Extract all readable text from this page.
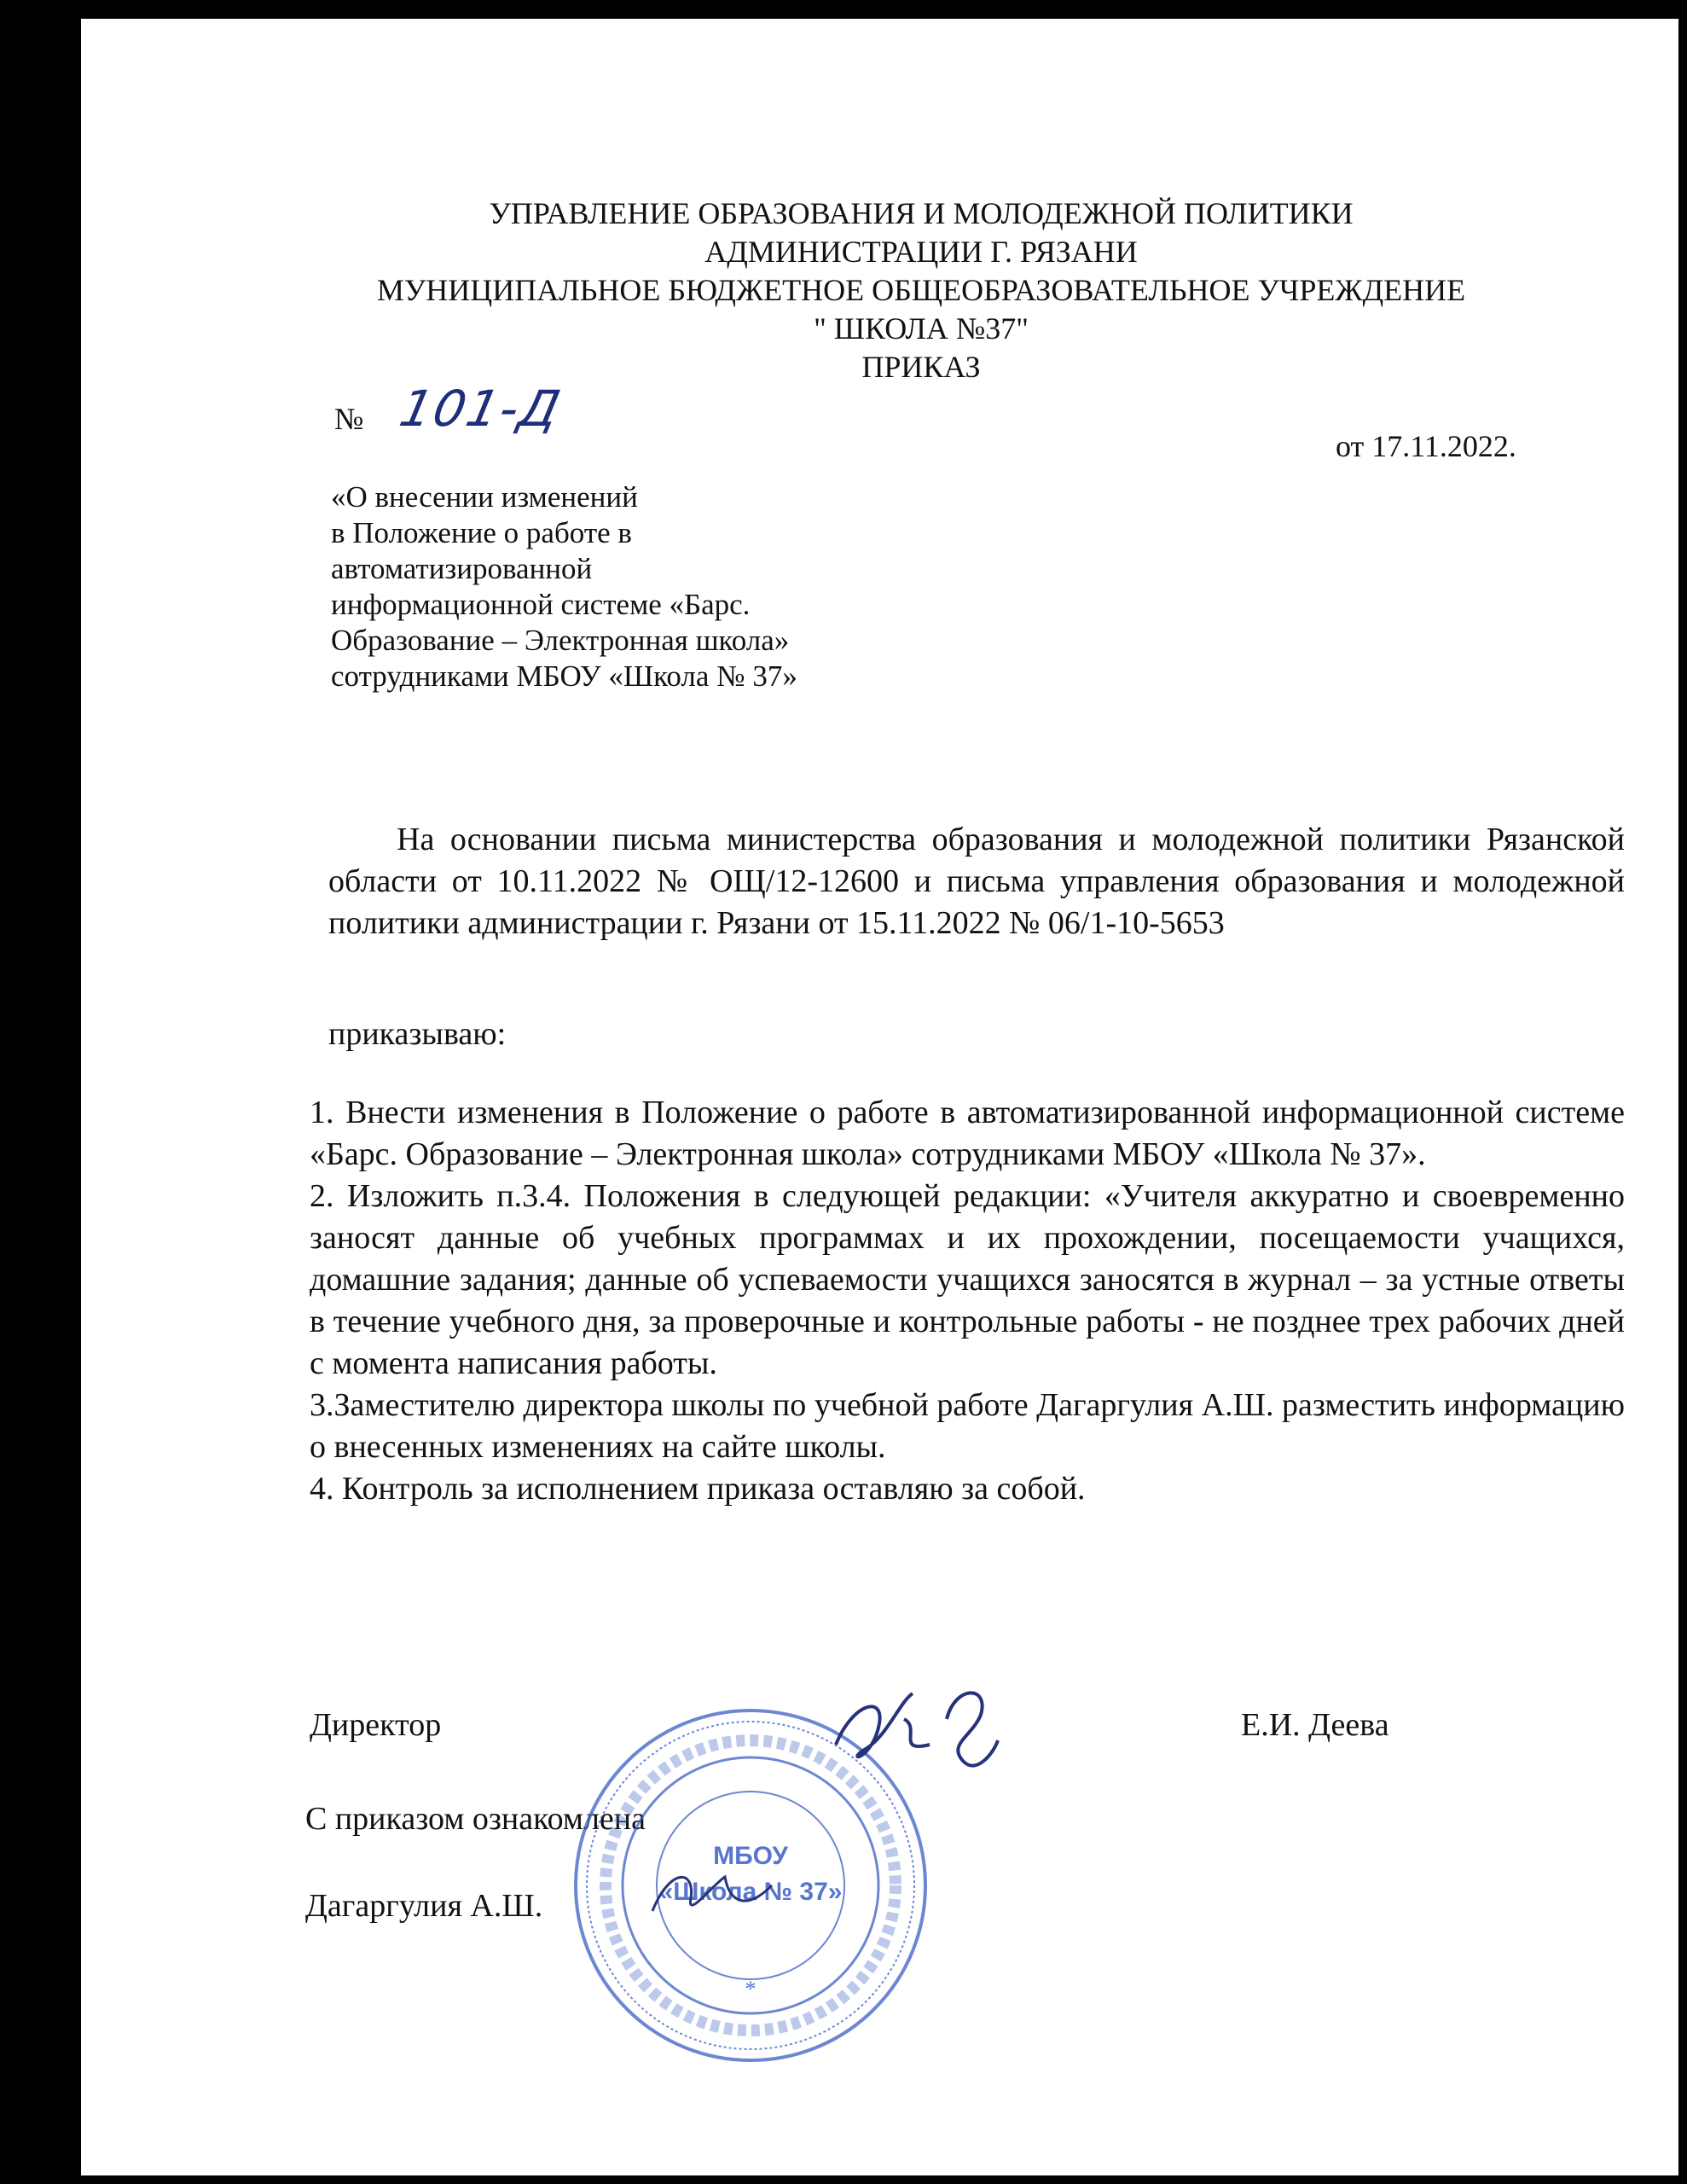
УПРАВЛЕНИЕ ОБРАЗОВАНИЯ И МОЛОДЕЖНОЙ ПОЛИТИКИ
АДМИНИСТРАЦИИ Г. РЯЗАНИ
МУНИЦИПАЛЬНОЕ БЮДЖЕТНОЕ ОБЩЕОБРАЗОВАТЕЛЬНОЕ УЧРЕЖДЕНИЕ
" ШКОЛА №37"
ПРИКАЗ
№ 101-Д
от 17.11.2022.
«О внесении изменений
в Положение о работе в
автоматизированной
информационной системе «Барс.
Образование – Электронная школа»
сотрудниками МБОУ «Школа № 37»
На основании письма министерства образования и молодежной политики Рязанской области от 10.11.2022 № ОЩ/12-12600 и письма управления образования и молодежной политики администрации г. Рязани от 15.11.2022 № 06/1-10-5653
приказываю:

1. Внести изменения в Положение о работе в автоматизированной информационной системе «Барс. Образование – Электронная школа» сотрудниками МБОУ «Школа № 37».

2. Изложить п.3.4. Положения в следующей редакции: «Учителя аккуратно и своевременно заносят данные об учебных программах и их прохождении, посещаемости учащихся, домашние задания; данные об успеваемости учащихся заносятся в журнал – за устные ответы в течение учебного дня, за проверочные и контрольные работы - не позднее трех рабочих дней с момента написания работы.

3.Заместителю директора школы по учебной работе Дагаргулия А.Ш. разместить информацию о внесенных изменениях на сайте школы.

4. Контроль за исполнением приказа оставляю за собой.

Директор	Е.И. Деева
С приказом ознакомлена
Дагаргулия А.Ш.
МБОУ
«Школа № 37»
*
